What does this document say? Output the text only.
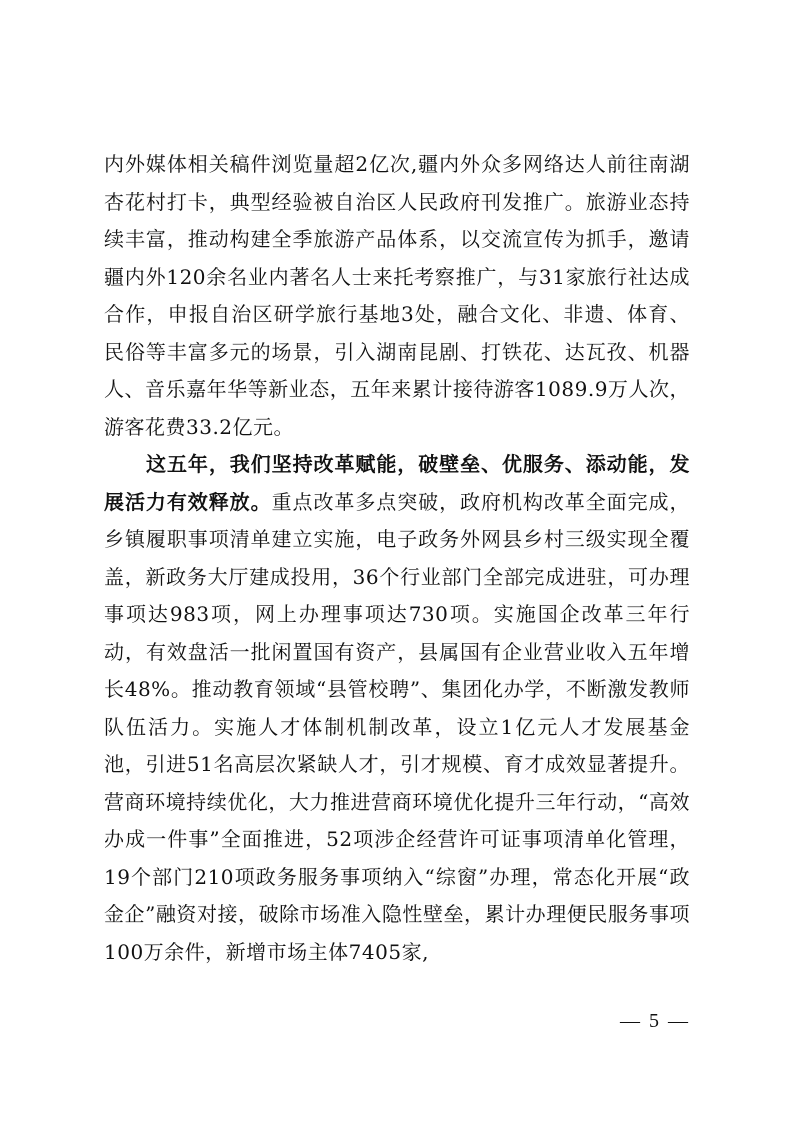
内外媒体相关稿件浏览量超2亿次,疆内外众多网络达人前往南湖杏花村打卡，典型经验被自治区人民政府刊发推广。旅游业态持续丰富，推动构建全季旅游产品体系，以交流宣传为抓手，邀请疆内外120余名业内著名人士来托考察推广，与31家旅行社达成合作，申报自治区研学旅行基地3处，融合文化、非遗、体育、民俗等丰富多元的场景，引入湖南昆剧、打铁花、达瓦孜、机器人、音乐嘉年华等新业态，五年来累计接待游客1089.9万人次，游客花费33.2亿元。

这五年，我们坚持改革赋能，破壁垒、优服务、添动能，发展活力有效释放。重点改革多点突破，政府机构改革全面完成，乡镇履职事项清单建立实施，电子政务外网县乡村三级实现全覆盖，新政务大厅建成投用，36个行业部门全部完成进驻，可办理事项达983项，网上办理事项达730项。实施国企改革三年行动，有效盘活一批闲置国有资产，县属国有企业营业收入五年增长48%。推动教育领域“县管校聘”、集团化办学，不断激发教师队伍活力。实施人才体制机制改革，设立1亿元人才发展基金池，引进51名高层次紧缺人才，引才规模、育才成效显著提升。营商环境持续优化，大力推进营商环境优化提升三年行动，“高效办成一件事”全面推进，52项涉企经营许可证事项清单化管理，19个部门210项政务服务事项纳入“综窗”办理，常态化开展“政金企”融资对接，破除市场准入隐性壁垒，累计办理便民服务事项100万余件，新增市场主体7405家,

— 5 —
